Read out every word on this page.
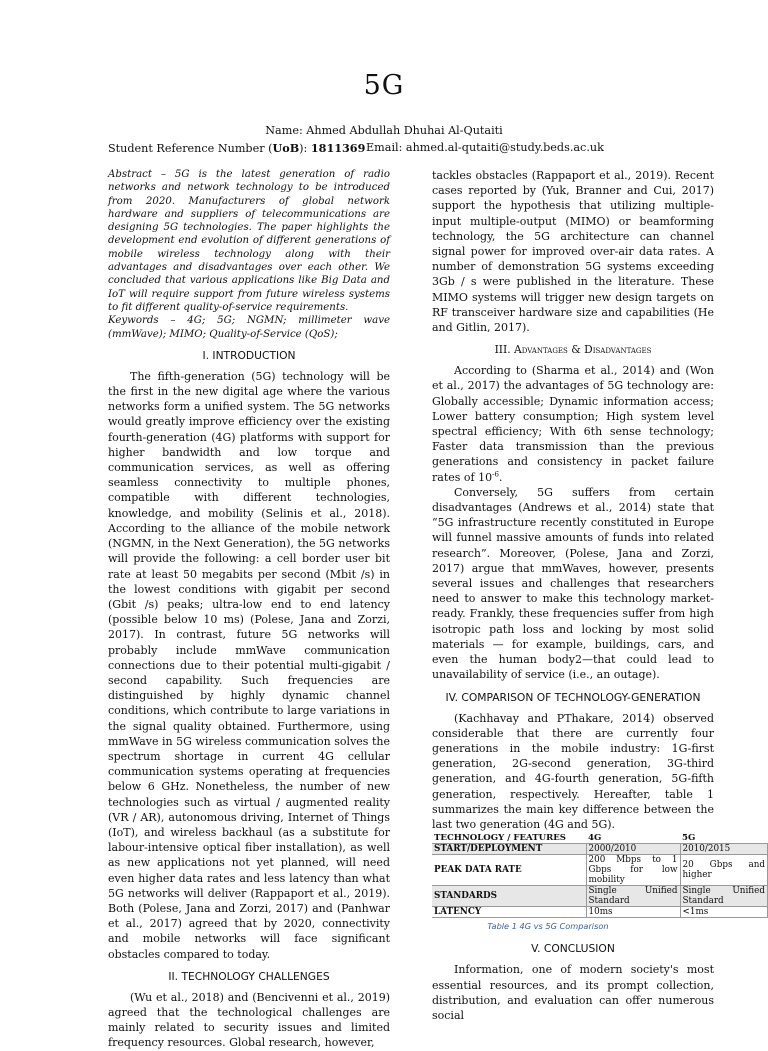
5G
Name: Ahmed Abdullah Dhuhai Al-Qutaiti
Student Reference Number (UoB): 1811369 Email: ahmed.al-qutaiti@study.beds.ac.uk

Abstract – 5G is the latest generation of radio networks and network technology to be introduced from 2020. Manufacturers of global network hardware and suppliers of telecommunications are designing 5G technologies. The paper highlights the development end evolution of different generations of mobile wireless technology along with their advantages and disadvantages over each other. We concluded that various applications like Big Data and IoT will require support from future wireless systems to fit different quality-of-service requirements.

Keywords – 4G; 5G; NGMN; millimeter wave (mmWave); MIMO; Quality-of-Service (QoS);

I. INTRODUCTION

The fifth-generation (5G) technology will be the first in the new digital age where the various networks form a unified system. The 5G networks would greatly improve efficiency over the existing fourth-generation (4G) platforms with support for higher bandwidth and low torque and communication services, as well as offering seamless connectivity to multiple phones, compatible with different technologies, knowledge, and mobility (Selinis et al., 2018). According to the alliance of the mobile network (NGMN, in the Next Generation), the 5G networks will provide the following: a cell border user bit rate at least 50 megabits per second (Mbit /s) in the lowest conditions with gigabit per second (Gbit /s) peaks; ultra-low end to end latency (possible below 10 ms) (Polese, Jana and Zorzi, 2017). In contrast, future 5G networks will probably include mmWave communication connections due to their potential multi-gigabit / second capability. Such frequencies are distinguished by highly dynamic channel conditions, which contribute to large variations in the signal quality obtained. Furthermore, using mmWave in 5G wireless communication solves the spectrum shortage in current 4G cellular communication systems operating at frequencies below 6 GHz. Nonetheless, the number of new technologies such as virtual / augmented reality (VR / AR), autonomous driving, Internet of Things (IoT), and wireless backhaul (as a substitute for labour-intensive optical fiber installation), as well as new applications not yet planned, will need even higher data rates and less latency than what 5G networks will deliver (Rappaport et al., 2019). Both (Polese, Jana and Zorzi, 2017) and (Panhwar et al., 2017) agreed that by 2020, connectivity and mobile networks will face significant obstacles compared to today.

II. TECHNOLOGY CHALLENGES

(Wu et al., 2018) and (Bencivenni et al., 2019) agreed that the technological challenges are mainly related to security issues and limited frequency resources. Global research, however,

tackles obstacles (Rappaport et al., 2019). Recent cases reported by (Yuk, Branner and Cui, 2017) support the hypothesis that utilizing multiple-input multiple-output (MIMO) or beamforming technology, the 5G architecture can channel signal power for improved over-air data rates. A number of demonstration 5G systems exceeding 3Gb / s were published in the literature. These MIMO systems will trigger new design targets on RF transceiver hardware size and capabilities (He and Gitlin, 2017).

III. Advantages & Disadvantages

According to (Sharma et al., 2014) and (Won et al., 2017) the advantages of 5G technology are: Globally accessible; Dynamic information access; Lower battery consumption; High system level spectral efficiency; With 6th sense technology; Faster data transmission than the previous generations and consistency in packet failure rates of $10^{-6}$.

Conversely, 5G suffers from certain disadvantages (Andrews et al., 2014) state that “5G infrastructure recently constituted in Europe will funnel massive amounts of funds into related research”. Moreover, (Polese, Jana and Zorzi, 2017) argue that mmWaves, however, presents several issues and challenges that researchers need to answer to make this technology market-ready. Frankly, these frequencies suffer from high isotropic path loss and locking by most solid materials — for example, buildings, cars, and even the human body2—that could lead to unavailability of service (i.e., an outage).

IV. COMPARISON OF TECHNOLOGY-GENERATION

(Kachhavay and PThakare, 2014) observed considerable that there are currently four generations in the mobile industry: 1G-first generation, 2G-second generation, 3G-third generation, and 4G-fourth generation, 5G-fifth generation, respectively. Hereafter, table 1 summarizes the main key difference between the last two generation (4G and 5G).

TECHNOLOGY / FEATURES	4G	5G
START/DEPLOYMENT	2000/2010	2010/2015
PEAK DATA RATE	200 Mbps to 1 Gbps for low mobility	20 Gbps and higher
STANDARDS	Single Unified Standard	Single Unified Standard
LATENCY	10ms	<1ms
Table 1 4G vs 5G Comparison
V. CONCLUSION

Information, one of modern society's most essential resources, and its prompt collection, distribution, and evaluation can offer numerous social
